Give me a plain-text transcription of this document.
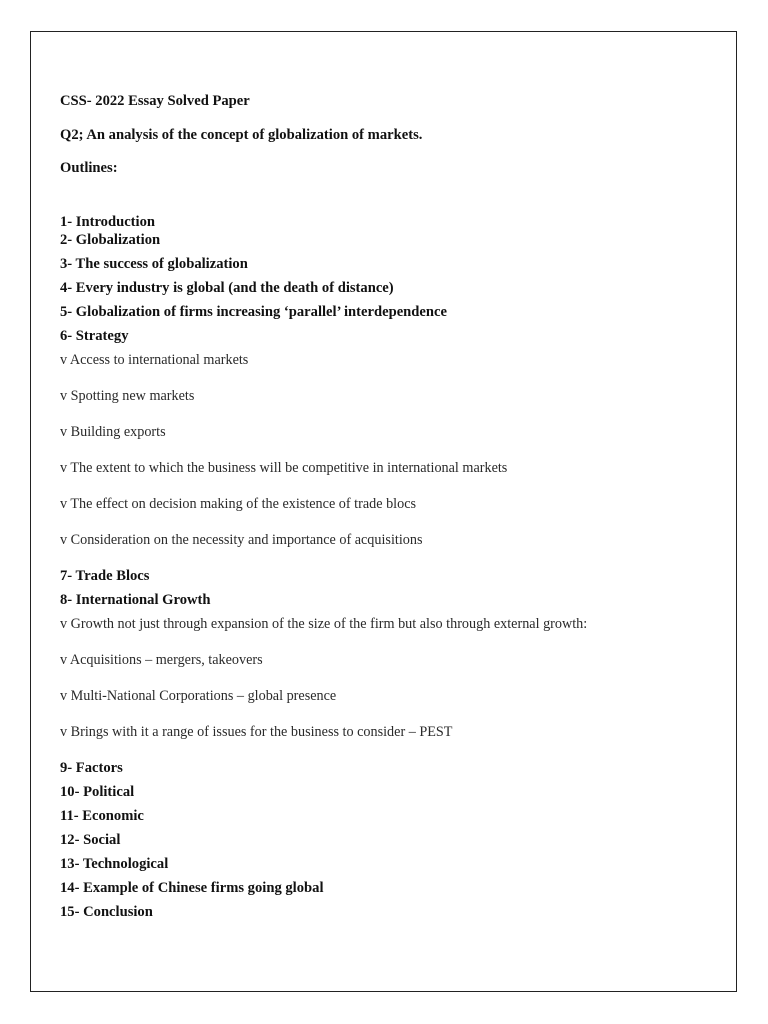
CSS- 2022 Essay Solved Paper
Q2; An analysis of the concept of globalization of markets.
Outlines:
1- Introduction
2- Globalization
3- The success of globalization
4- Every industry is global (and the death of distance)
5- Globalization of firms increasing ‘parallel’ interdependence
6- Strategy
v Access to international markets
v Spotting new markets
v Building exports
v The extent to which the business will be competitive in international markets
v The effect on decision making of the existence of trade blocs
v Consideration on the necessity and importance of acquisitions
7- Trade Blocs
8- International Growth
v Growth not just through expansion of the size of the firm but also through external growth:
v Acquisitions – mergers, takeovers
v Multi-National Corporations – global presence
v Brings with it a range of issues for the business to consider – PEST
9- Factors
10- Political
11- Economic
12- Social
13- Technological
14- Example of Chinese firms going global
15- Conclusion
